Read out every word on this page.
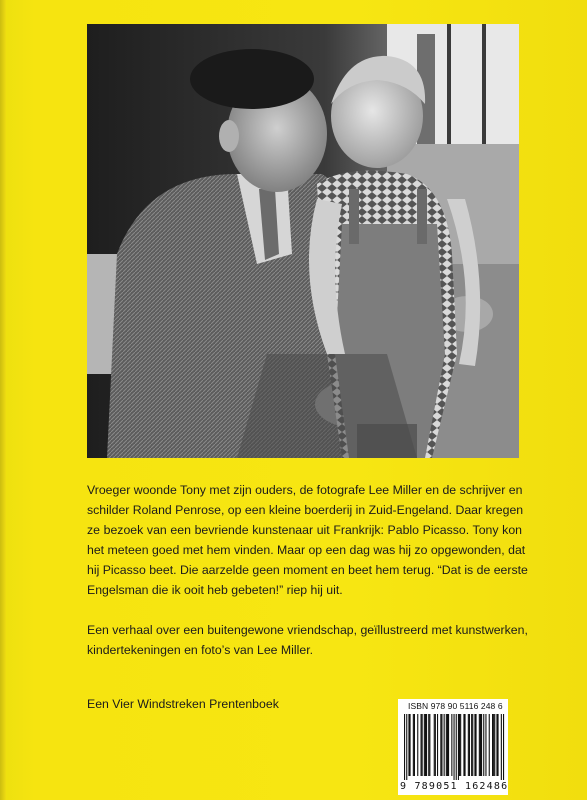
Vroeger woonde Tony met zijn ouders, de fotografe Lee Miller en de schrijver en
schilder Roland Penrose, op een kleine boerderij in Zuid-Engeland. Daar kregen
ze bezoek van een bevriende kunstenaar uit Frankrijk: Pablo Picasso. Tony kon
het meteen goed met hem vinden. Maar op een dag was hij zo opgewonden, dat
hij Picasso beet. Die aarzelde geen moment en beet hem terug. “Dat is de eerste
Engelsman die ik ooit heb gebeten!” riep hij uit.
Een verhaal over een buitengewone vriendschap, geïllustreerd met kunstwerken,
kindertekeningen en foto’s van Lee Miller.
Een Vier Windstreken Prentenboek	ISBN 978 90 5116 248 6
9 789051 162486
